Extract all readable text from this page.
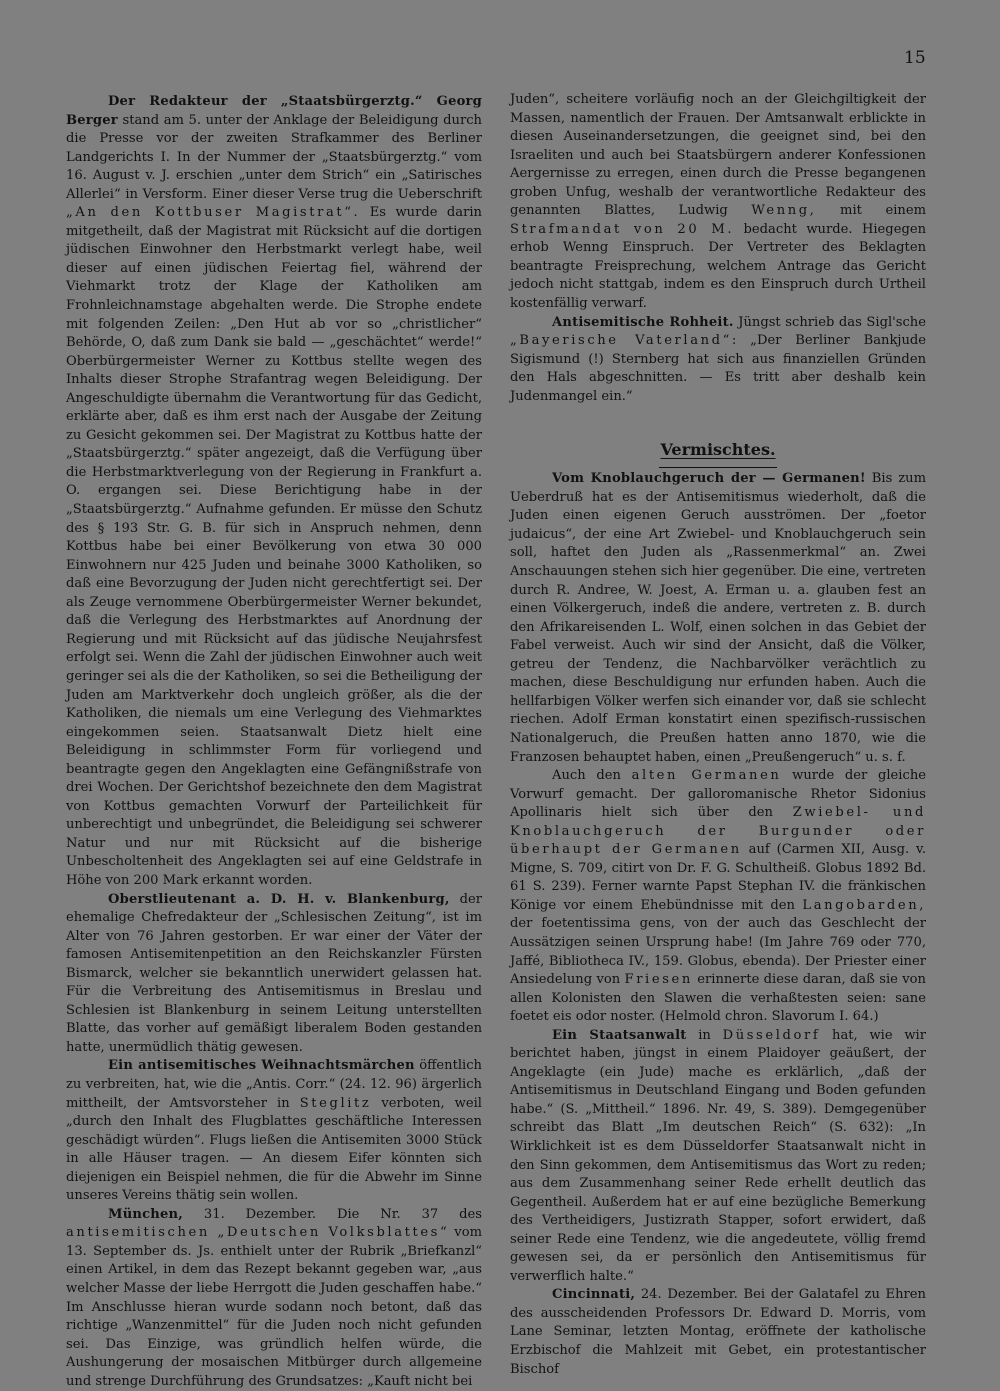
15

Der Redakteur der „Staatsbürgerztg.“ Georg Berger stand am 5. unter der Anklage der Beleidigung durch die Presse vor der zweiten Strafkammer des Berliner Landgerichts I. In der Nummer der „Staatsbürgerztg.“ vom 16. August v. J. erschien „unter dem Strich“ ein „Satirisches Allerlei“ in Versform. Einer dieser Verse trug die Ueberschrift „An den Kottbuser Magistrat“. Es wurde darin mitgetheilt, daß der Magistrat mit Rücksicht auf die dortigen jüdischen Einwohner den Herbstmarkt verlegt habe, weil dieser auf einen jüdischen Feiertag fiel, während der Viehmarkt trotz der Klage der Katholiken am Frohnleichnamstage abgehalten werde. Die Strophe endete mit folgenden Zeilen: „Den Hut ab vor so „christlicher“ Behörde, O, daß zum Dank sie bald — „geschächtet“ werde!“ Oberbürgermeister Werner zu Kottbus stellte wegen des Inhalts dieser Strophe Strafantrag wegen Beleidigung. Der Angeschuldigte übernahm die Verantwortung für das Gedicht, erklärte aber, daß es ihm erst nach der Ausgabe der Zeitung zu Gesicht gekommen sei. Der Magistrat zu Kottbus hatte der „Staatsbürgerztg.“ später angezeigt, daß die Verfügung über die Herbstmarktverlegung von der Regierung in Frankfurt a. O. ergangen sei. Diese Berichtigung habe in der „Staatsbürgerztg.“ Aufnahme gefunden. Er müsse den Schutz des § 193 Str. G. B. für sich in Anspruch nehmen, denn Kottbus habe bei einer Bevölkerung von etwa 30 000 Einwohnern nur 425 Juden und beinahe 3000 Katholiken, so daß eine Bevorzugung der Juden nicht gerechtfertigt sei. Der als Zeuge vernommene Oberbürgermeister Werner bekundet, daß die Verlegung des Herbstmarktes auf Anordnung der Regierung und mit Rücksicht auf das jüdische Neujahrsfest erfolgt sei. Wenn die Zahl der jüdischen Einwohner auch weit geringer sei als die der Katholiken, so sei die Betheiligung der Juden am Marktverkehr doch ungleich größer, als die der Katholiken, die niemals um eine Verlegung des Viehmarktes eingekommen seien. Staatsanwalt Dietz hielt eine Beleidigung in schlimmster Form für vorliegend und beantragte gegen den Angeklagten eine Gefängnißstrafe von drei Wochen. Der Gerichtshof bezeichnete den dem Magistrat von Kottbus gemachten Vorwurf der Parteilichkeit für unberechtigt und unbegründet, die Beleidigung sei schwerer Natur und nur mit Rücksicht auf die bisherige Unbescholtenheit des Angeklagten sei auf eine Geldstrafe in Höhe von 200 Mark erkannt worden.

Oberstlieutenant a. D. H. v. Blankenburg, der ehemalige Chefredakteur der „Schlesischen Zeitung“, ist im Alter von 76 Jahren gestorben. Er war einer der Väter der famosen Antisemitenpetition an den Reichskanzler Fürsten Bismarck, welcher sie bekanntlich unerwidert gelassen hat. Für die Verbreitung des Antisemitismus in Breslau und Schlesien ist Blankenburg in seinem Leitung unterstellten Blatte, das vorher auf gemäßigt liberalem Boden gestanden hatte, unermüdlich thätig gewesen.

Ein antisemitisches Weihnachtsmärchen öffentlich zu verbreiten, hat, wie die „Antis. Corr.“ (24. 12. 96) ärgerlich mittheilt, der Amtsvorsteher in Steglitz verboten, weil „durch den Inhalt des Flugblattes geschäftliche Interessen geschädigt würden“. Flugs ließen die Antisemiten 3000 Stück in alle Häuser tragen. — An diesem Eifer könnten sich diejenigen ein Beispiel nehmen, die für die Abwehr im Sinne unseres Vereins thätig sein wollen.

München, 31. Dezember. Die Nr. 37 des antisemitischen „Deutschen Volksblattes“ vom 13. September ds. Js. enthielt unter der Rubrik „Briefkanzl“ einen Artikel, in dem das Rezept bekannt gegeben war, „aus welcher Masse der liebe Herrgott die Juden geschaffen habe.“ Im Anschlusse hieran wurde sodann noch betont, daß das richtige „Wanzenmittel“ für die Juden noch nicht gefunden sei. Das Einzige, was gründlich helfen würde, die Aushungerung der mosaischen Mitbürger durch allgemeine und strenge Durchführung des Grundsatzes: „Kauft nicht bei

Juden“, scheitere vorläufig noch an der Gleichgiltigkeit der Massen, namentlich der Frauen. Der Amtsanwalt erblickte in diesen Auseinandersetzungen, die geeignet sind, bei den Israeliten und auch bei Staatsbürgern anderer Konfessionen Aergernisse zu erregen, einen durch die Presse begangenen groben Unfug, weshalb der verantwortliche Redakteur des genannten Blattes, Ludwig Wenng, mit einem Strafmandat von 20 M. bedacht wurde. Hiegegen erhob Wenng Einspruch. Der Vertreter des Beklagten beantragte Freisprechung, welchem Antrage das Gericht jedoch nicht stattgab, indem es den Einspruch durch Urtheil kostenfällig verwarf.

Antisemitische Rohheit. Jüngst schrieb das Sigl'sche „Bayerische Vaterland“: „Der Berliner Bankjude Sigismund (!) Sternberg hat sich aus finanziellen Gründen den Hals abgeschnitten. — Es tritt aber deshalb kein Judenmangel ein.“

Vermischtes.

Vom Knoblauchgeruch der — Germanen! Bis zum Ueberdruß hat es der Antisemitismus wiederholt, daß die Juden einen eigenen Geruch ausströmen. Der „foetor judaicus“, der eine Art Zwiebel- und Knoblauchgeruch sein soll, haftet den Juden als „Rassenmerkmal“ an. Zwei Anschauungen stehen sich hier gegenüber. Die eine, vertreten durch R. Andree, W. Joest, A. Erman u. a. glauben fest an einen Völkergeruch, indeß die andere, vertreten z. B. durch den Afrikareisenden L. Wolf, einen solchen in das Gebiet der Fabel verweist. Auch wir sind der Ansicht, daß die Völker, getreu der Tendenz, die Nachbarvölker verächtlich zu machen, diese Beschuldigung nur erfunden haben. Auch die hellfarbigen Völker werfen sich einander vor, daß sie schlecht riechen. Adolf Erman konstatirt einen spezifisch-russischen Nationalgeruch, die Preußen hatten anno 1870, wie die Franzosen behauptet haben, einen „Preußengeruch“ u. s. f.

Auch den alten Germanen wurde der gleiche Vorwurf gemacht. Der galloromanische Rhetor Sidonius Apollinaris hielt sich über den Zwiebel- und Knoblauchgeruch der Burgunder oder überhaupt der Germanen auf (Carmen XII, Ausg. v. Migne, S. 709, citirt von Dr. F. G. Schultheiß. Globus 1892 Bd. 61 S. 239). Ferner warnte Papst Stephan IV. die fränkischen Könige vor einem Ehebündnisse mit den Langobarden, der foetentissima gens, von der auch das Geschlecht der Aussätzigen seinen Ursprung habe! (Im Jahre 769 oder 770, Jaffé, Bibliotheca IV., 159. Globus, ebenda). Der Priester einer Ansiedelung von Friesen erinnerte diese daran, daß sie von allen Kolonisten den Slawen die verhaßtesten seien: sane foetet eis odor noster. (Helmold chron. Slavorum I. 64.)

Ein Staatsanwalt in Düsseldorf hat, wie wir berichtet haben, jüngst in einem Plaidoyer geäußert, der Angeklagte (ein Jude) mache es erklärlich, „daß der Antisemitismus in Deutschland Eingang und Boden gefunden habe.“ (S. „Mittheil.“ 1896. Nr. 49, S. 389). Demgegenüber schreibt das Blatt „Im deutschen Reich“ (S. 632): „In Wirklichkeit ist es dem Düsseldorfer Staatsanwalt nicht in den Sinn gekommen, dem Antisemitismus das Wort zu reden; aus dem Zusammenhang seiner Rede erhellt deutlich das Gegentheil. Außerdem hat er auf eine bezügliche Bemerkung des Vertheidigers, Justizrath Stapper, sofort erwidert, daß seiner Rede eine Tendenz, wie die angedeutete, völlig fremd gewesen sei, da er persönlich den Antisemitismus für verwerflich halte.“

Cincinnati, 24. Dezember. Bei der Galatafel zu Ehren des ausscheidenden Professors Dr. Edward D. Morris, vom Lane Seminar, letzten Montag, eröffnete der katholische Erzbischof die Mahlzeit mit Gebet, ein protestantischer Bischof
